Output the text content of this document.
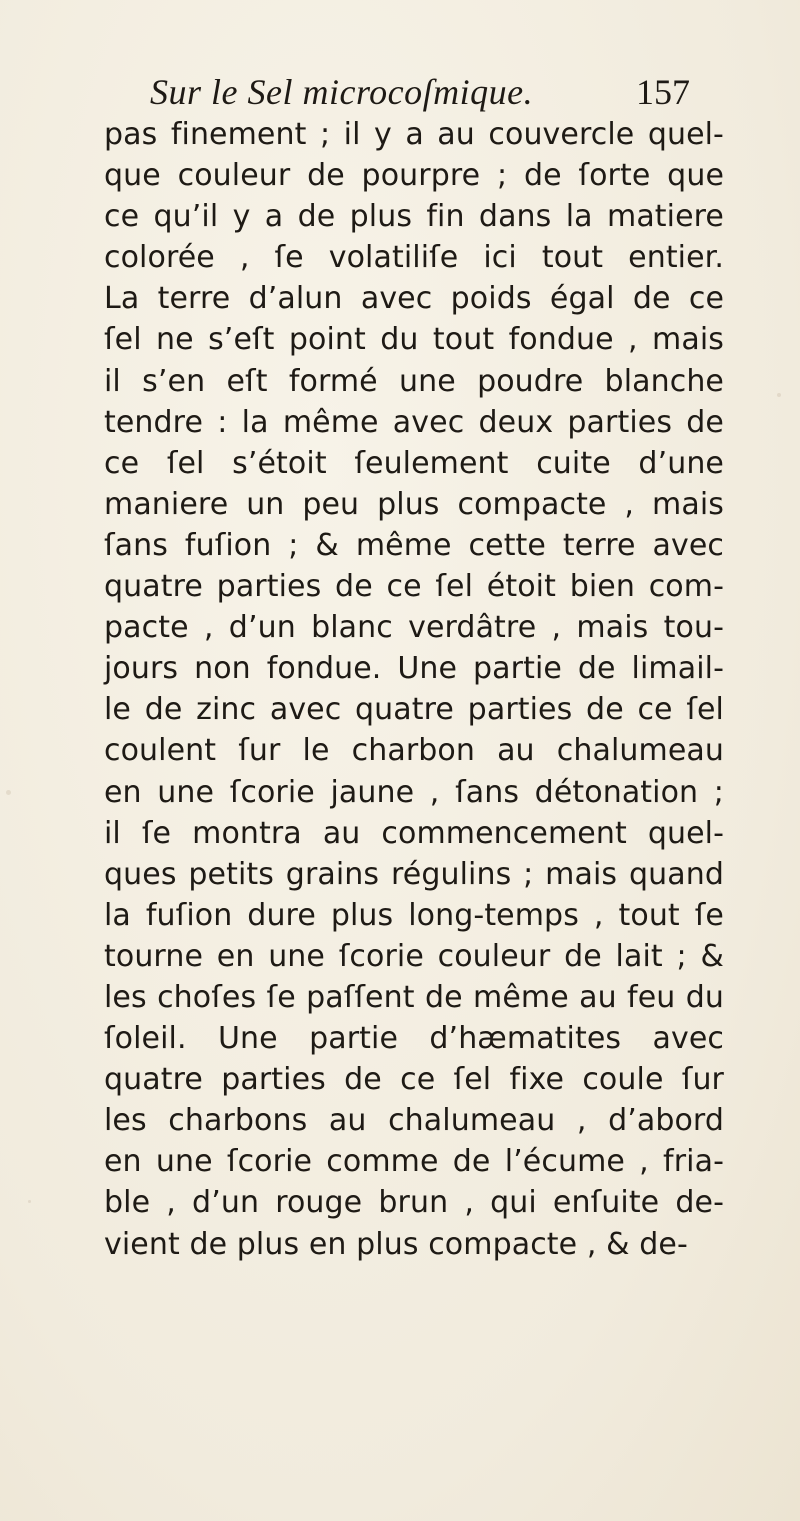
Sur le Sel microcoſmique.	157
pas finement ; il y a au couvercle quel-
que couleur de pourpre ; de ſorte que
ce qu’il y a de plus fin dans la matiere
colorée , ſe volatiliſe ici tout entier.
La terre d’alun avec poids égal de ce
ſel ne s’eſt point du tout fondue , mais
il s’en eſt formé une poudre blanche
tendre : la même avec deux parties de
ce ſel s’étoit ſeulement cuite d’une
maniere un peu plus compacte , mais
ſans fuſion ; & même cette terre avec
quatre parties de ce ſel étoit bien com-
pacte , d’un blanc verdâtre , mais tou-
jours non fondue. Une partie de limail-
le de zinc avec quatre parties de ce ſel
coulent ſur le charbon au chalumeau
en une ſcorie jaune , ſans détonation ;
il ſe montra au commencement quel-
ques petits grains régulins ; mais quand
la fuſion dure plus long-temps , tout ſe
tourne en une ſcorie couleur de lait ; &
les choſes ſe paſſent de même au feu du
ſoleil. Une partie d’hæmatites avec
quatre parties de ce ſel fixe coule ſur
les charbons au chalumeau , d’abord
en une ſcorie comme de l’écume , fria-
ble , d’un rouge brun , qui enſuite de-
vient de plus en plus compacte , & de-
